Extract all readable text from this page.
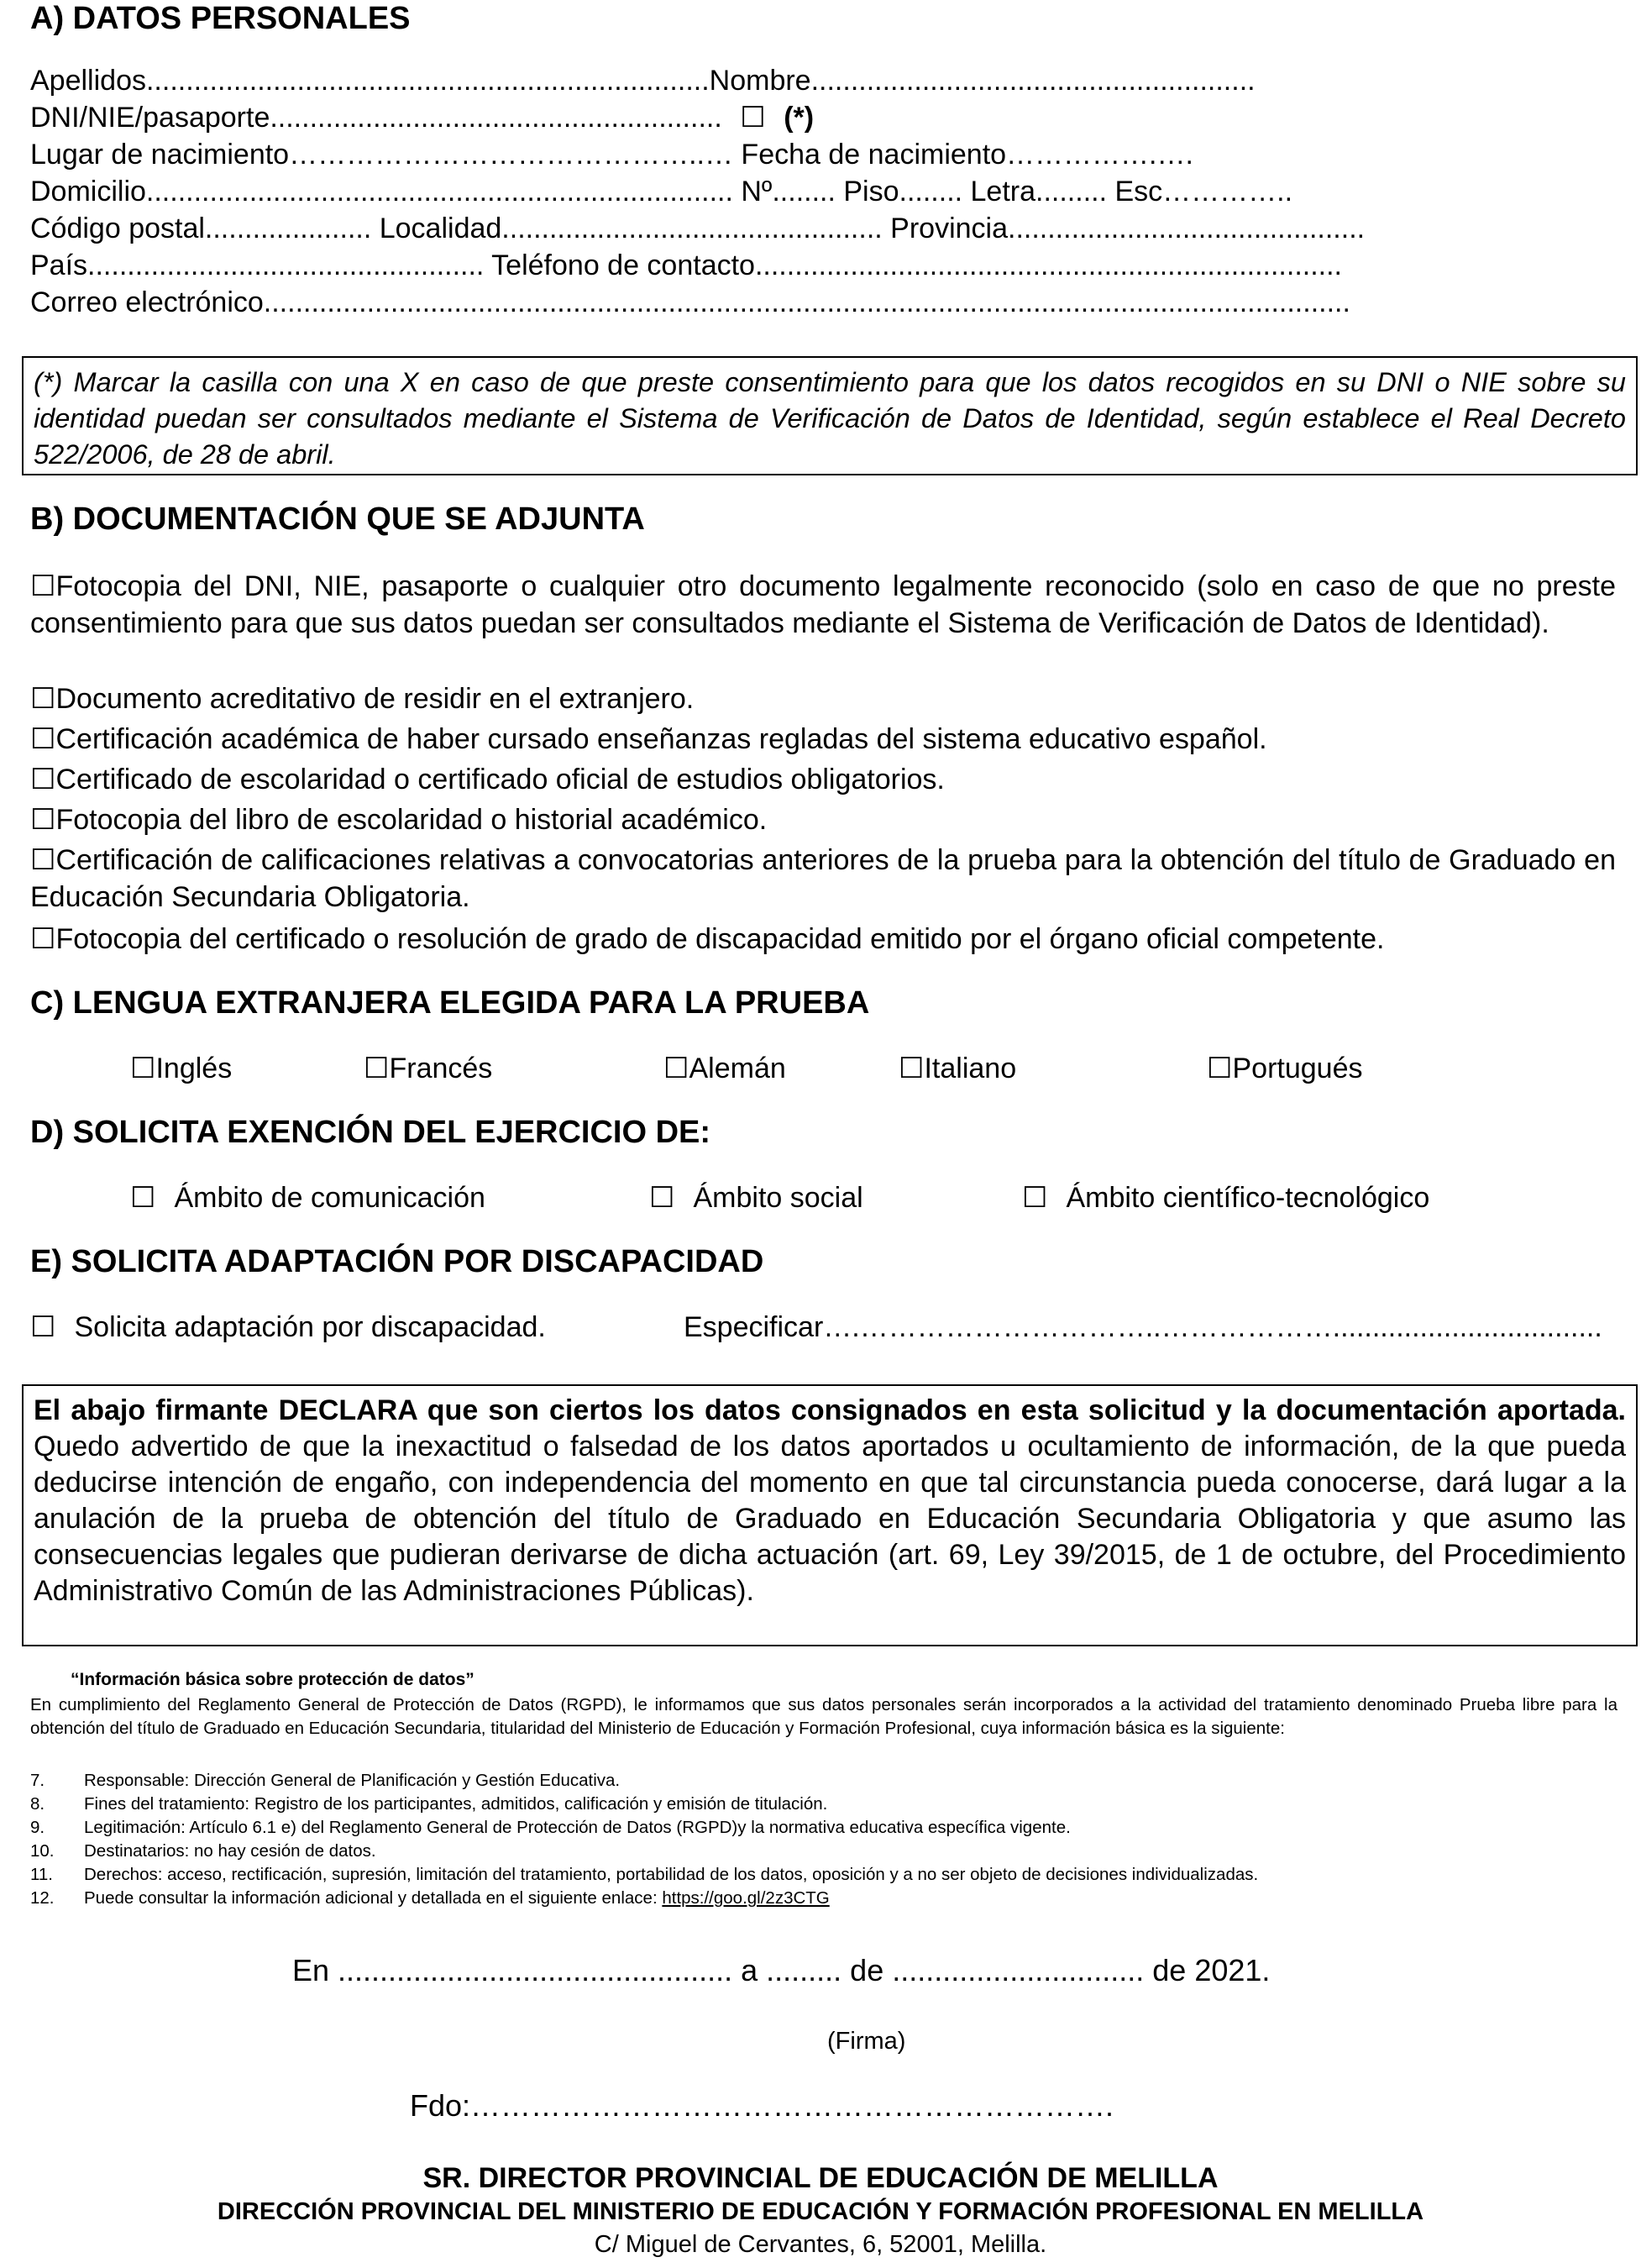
A) DATOS PERSONALES
Apellidos.......................................................................Nombre........................................................
DNI/NIE/pasaporte......................................................... ☐ (*)
Lugar de nacimiento……………………………………..… Fecha de nacimiento…………….….
Domicilio.......................................................................... Nº........ Piso........ Letra......... Esc…………..
Código postal..................... Localidad................................................ Provincia.............................................
País.................................................. Teléfono de contacto..........................................................................
Correo electrónico.........................................................................................................................................
(*) Marcar la casilla con una X en caso de que preste consentimiento para que los datos recogidos en su DNI o NIE sobre su identidad puedan ser consultados mediante el Sistema de Verificación de Datos de Identidad, según establece el Real Decreto 522/2006, de 28 de abril.
B) DOCUMENTACIÓN QUE SE ADJUNTA

☐Fotocopia del DNI, NIE, pasaporte o cualquier otro documento legalmente reconocido (solo en caso de que no preste consentimiento para que sus datos puedan ser consultados mediante el Sistema de Verificación de Datos de Identidad).

☐Documento acreditativo de residir en el extranjero.

☐Certificación académica de haber cursado enseñanzas regladas del sistema educativo español.

☐Certificado de escolaridad o certificado oficial de estudios obligatorios.

☐Fotocopia del libro de escolaridad o historial académico.

☐Certificación de calificaciones relativas a convocatorias anteriores de la prueba para la obtención del título de Graduado en Educación Secundaria Obligatoria.

☐Fotocopia del certificado o resolución de grado de discapacidad emitido por el órgano oficial competente.

C) LENGUA EXTRANJERA ELEGIDA PARA LA PRUEBA
☐Inglés	☐Francés	☐Alemán	☐Italiano	☐Portugués
D) SOLICITA EXENCIÓN DEL EJERCICIO DE:
☐ Ámbito de comunicación	☐ Ámbito social	☐ Ámbito científico-tecnológico
E) SOLICITA ADAPTACIÓN POR DISCAPACIDAD
☐ Solicita adaptación por discapacidad.	Especificar….…………………………..………………..................................
El abajo firmante DECLARA que son ciertos los datos consignados en esta solicitud y la documentación aportada. Quedo advertido de que la inexactitud o falsedad de los datos aportados u ocultamiento de información, de la que pueda deducirse intención de engaño, con independencia del momento en que tal circunstancia pueda conocerse, dará lugar a la anulación de la prueba de obtención del título de Graduado en Educación Secundaria Obligatoria y que asumo las consecuencias legales que pudieran derivarse de dicha actuación (art. 69, Ley 39/2015, de 1 de octubre, del Procedimiento Administrativo Común de las Administraciones Públicas).
“Información básica sobre protección de datos”
En cumplimiento del Reglamento General de Protección de Datos (RGPD), le informamos que sus datos personales serán incorporados a la actividad del tratamiento denominado Prueba libre para la obtención del título de Graduado en Educación Secundaria, titularidad del Ministerio de Educación y Formación Profesional, cuya información básica es la siguiente:
7. Responsable: Dirección General de Planificación y Gestión Educativa.
8. Fines del tratamiento: Registro de los participantes, admitidos, calificación y emisión de titulación.
9. Legitimación: Artículo 6.1 e) del Reglamento General de Protección de Datos (RGPD)y la normativa educativa específica vigente.
10. Destinatarios: no hay cesión de datos.
11. Derechos: acceso, rectificación, supresión, limitación del tratamiento, portabilidad de los datos, oposición y a no ser objeto de decisiones individualizadas.
12. Puede consultar la información adicional y detallada en el siguiente enlace: https://goo.gl/2z3CTG
En ............................................... a ......... de .............................. de 2021.
(Firma)
Fdo:……………………………………………………….
SR. DIRECTOR PROVINCIAL DE EDUCACIÓN DE MELILLA
DIRECCIÓN PROVINCIAL DEL MINISTERIO DE EDUCACIÓN Y FORMACIÓN PROFESIONAL EN MELILLA
C/ Miguel de Cervantes, 6, 52001, Melilla.
